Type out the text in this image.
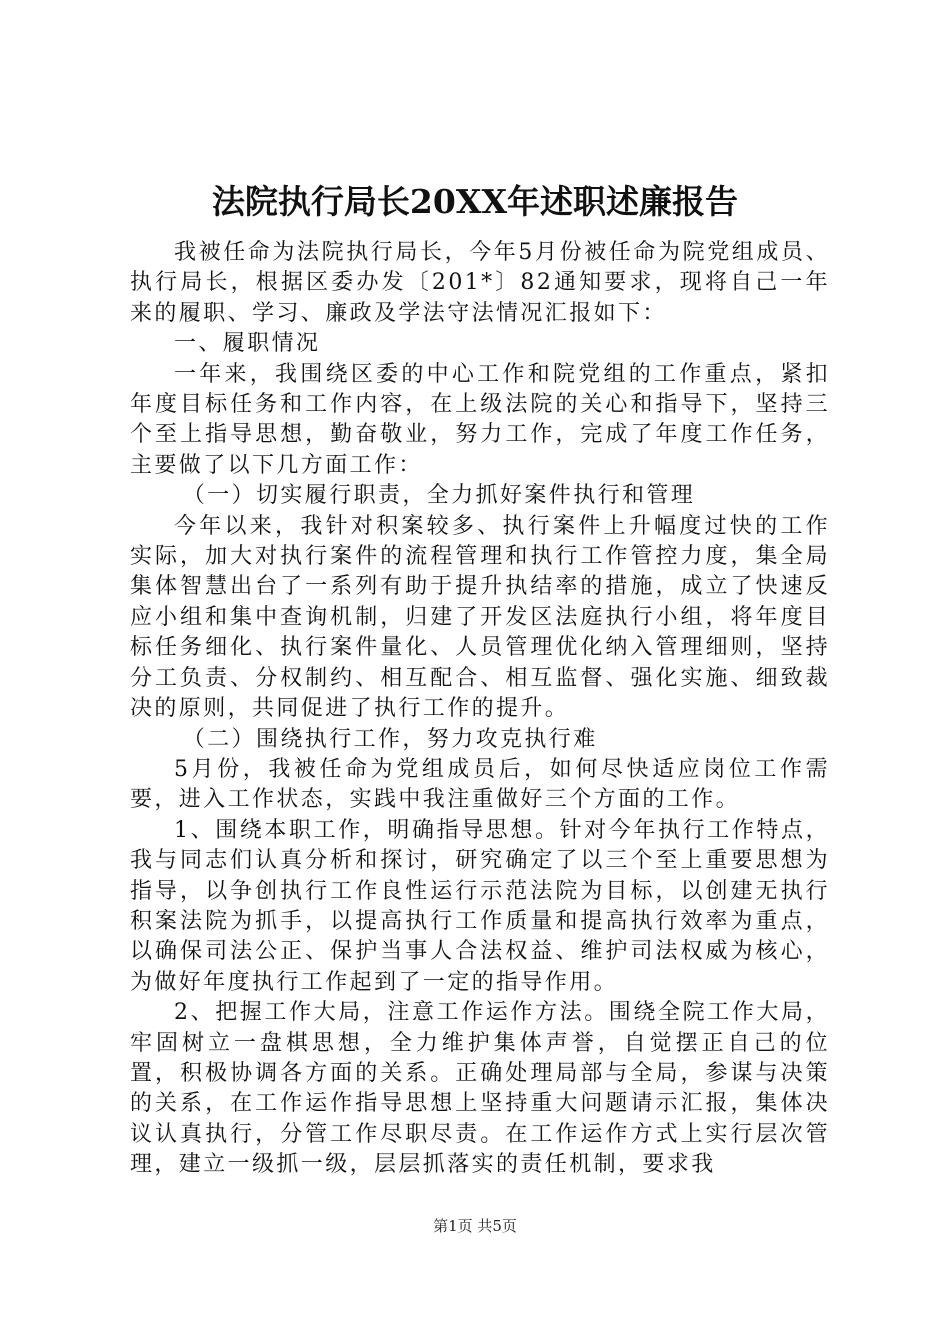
法院执行局长20XX年述职述廉报告

我被任命为法院执行局长，今年5月份被任命为院党组成员、执行局长，根据区委办发〔201*〕82通知要求，现将自己一年来的履职、学习、廉政及学法守法情况汇报如下：

一、履职情况

一年来，我围绕区委的中心工作和院党组的工作重点，紧扣年度目标任务和工作内容，在上级法院的关心和指导下，坚持三个至上指导思想，勤奋敬业，努力工作，完成了年度工作任务，主要做了以下几方面工作：

（一）切实履行职责，全力抓好案件执行和管理

今年以来，我针对积案较多、执行案件上升幅度过快的工作实际，加大对执行案件的流程管理和执行工作管控力度，集全局集体智慧出台了一系列有助于提升执结率的措施，成立了快速反应小组和集中查询机制，归建了开发区法庭执行小组，将年度目标任务细化、执行案件量化、人员管理优化纳入管理细则，坚持分工负责、分权制约、相互配合、相互监督、强化实施、细致裁决的原则，共同促进了执行工作的提升。

（二）围绕执行工作，努力攻克执行难

5月份，我被任命为党组成员后，如何尽快适应岗位工作需要，进入工作状态，实践中我注重做好三个方面的工作。

1、围绕本职工作，明确指导思想。针对今年执行工作特点，我与同志们认真分析和探讨，研究确定了以三个至上重要思想为指导，以争创执行工作良性运行示范法院为目标，以创建无执行积案法院为抓手，以提高执行工作质量和提高执行效率为重点，以确保司法公正、保护当事人合法权益、维护司法权威为核心，为做好年度执行工作起到了一定的指导作用。

2、把握工作大局，注意工作运作方法。围绕全院工作大局，牢固树立一盘棋思想，全力维护集体声誉，自觉摆正自己的位置，积极协调各方面的关系。正确处理局部与全局，参谋与决策的关系，在工作运作指导思想上坚持重大问题请示汇报，集体决议认真执行，分管工作尽职尽责。在工作运作方式上实行层次管理，建立一级抓一级，层层抓落实的责任机制，要求我

第1页 共5页
